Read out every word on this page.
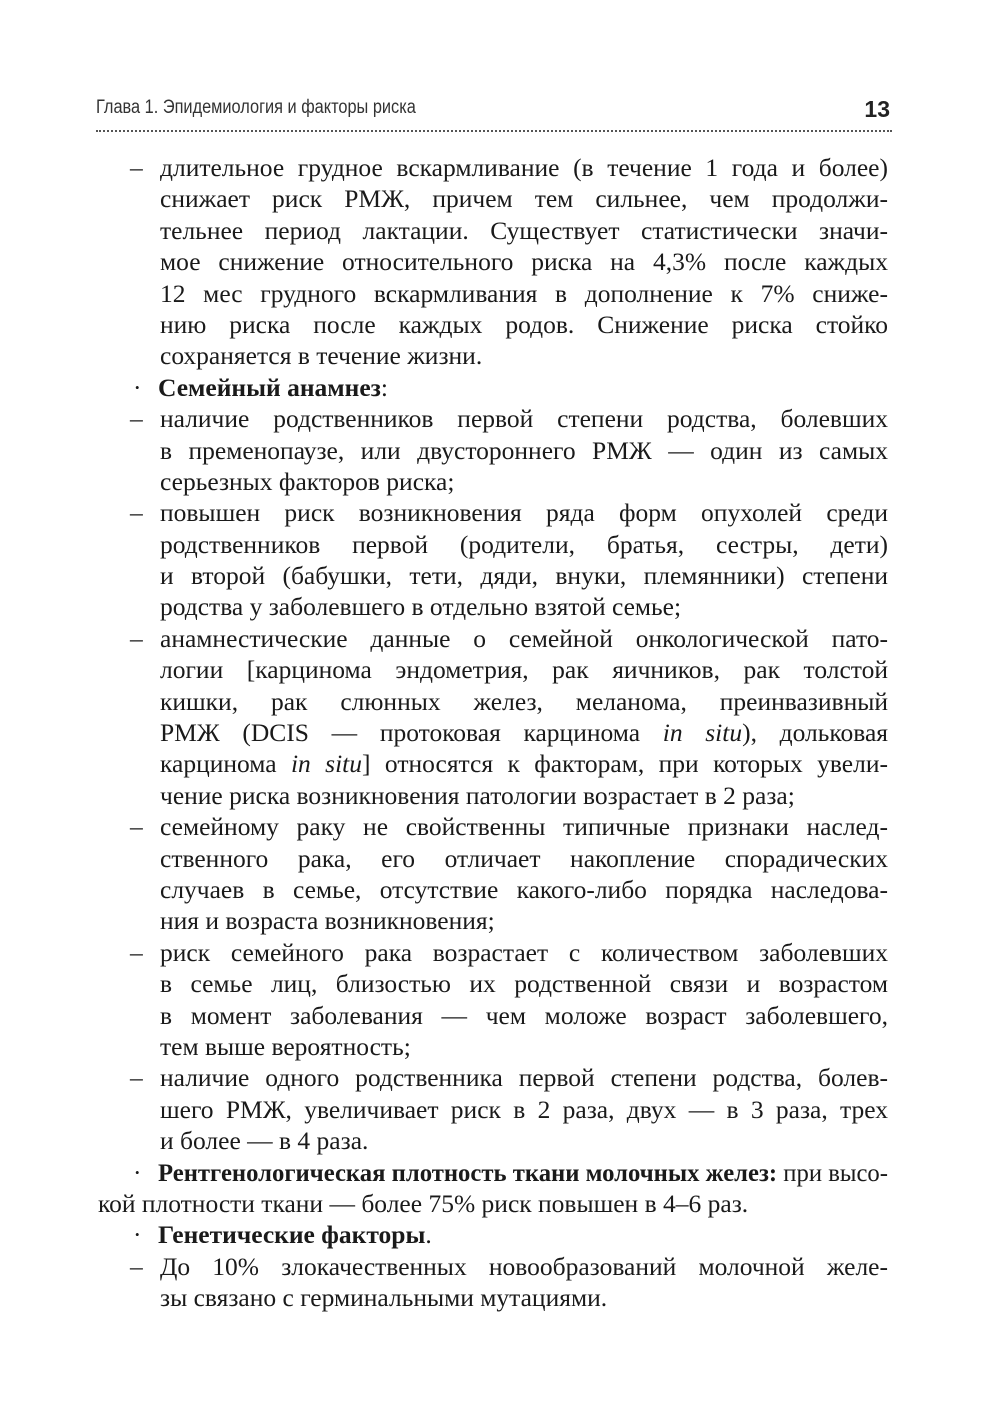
Глава 1. Эпидемиология и факторы риска	13
– длительное грудное вскармливание (в течение 1 года и более)
снижает риск РМЖ, причем тем сильнее, чем продолжи-
тельнее период лактации. Существует статистически значи-
мое снижение относительного риска на 4,3% после каждых
12 мес грудного вскармливания в дополнение к 7% сниже-
нию риска после каждых родов. Снижение риска стойко
сохраняется в течение жизни.
· Семейный анамнез:
– наличие родственников первой степени родства, болевших
в пременопаузе, или двустороннего РМЖ — один из самых
серьезных факторов риска;
– повышен риск возникновения ряда форм опухолей среди
родственников первой (родители, братья, сестры, дети)
и второй (бабушки, тети, дяди, внуки, племянники) степени
родства у заболевшего в отдельно взятой семье;
– анамнестические данные о семейной онкологической пато-
логии [карцинома эндометрия, рак яичников, рак толстой
кишки, рак слюнных желез, меланома, преинвазивный
РМЖ (DCIS — протоковая карцинома in situ), дольковая
карцинома in situ] относятся к факторам, при которых увели-
чение риска возникновения патологии возрастает в 2 раза;
– семейному раку не свойственны типичные признаки наслед-
ственного рака, его отличает накопление спорадических
случаев в семье, отсутствие какого-либо порядка наследова-
ния и возраста возникновения;
– риск семейного рака возрастает с количеством заболевших
в семье лиц, близостью их родственной связи и возрастом
в момент заболевания — чем моложе возраст заболевшего,
тем выше вероятность;
– наличие одного родственника первой степени родства, болев-
шего РМЖ, увеличивает риск в 2 раза, двух — в 3 раза, трех
и более — в 4 раза.
· Рентгенологическая плотность ткани молочных желез: при высо-
кой плотности ткани — более 75% риск повышен в 4–6 раз.
· Генетические факторы.
– До 10% злокачественных новообразований молочной желе-
зы связано с герминальными мутациями.
